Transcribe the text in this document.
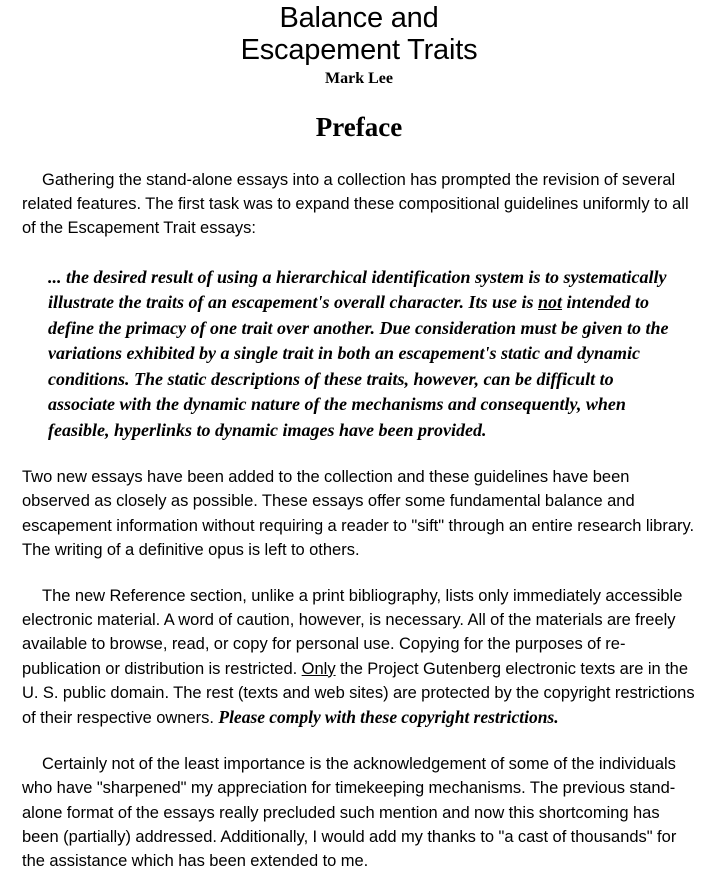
Balance and
Escapement Traits
Mark Lee
Preface

Gathering the stand-alone essays into a collection has prompted the revision of several related features. The first task was to expand these compositional guidelines uniformly to all of the Escapement Trait essays:

... the desired result of using a hierarchical identification system is to systematically illustrate the traits of an escapement's overall character. Its use is not intended to define the primacy of one trait over another. Due consideration must be given to the variations exhibited by a single trait in both an escapement's static and dynamic conditions. The static descriptions of these traits, however, can be difficult to associate with the dynamic nature of the mechanisms and consequently, when feasible, hyperlinks to dynamic images have been provided.

Two new essays have been added to the collection and these guidelines have been observed as closely as possible. These essays offer some fundamental balance and escapement information without requiring a reader to "sift" through an entire research library. The writing of a definitive opus is left to others.

The new Reference section, unlike a print bibliography, lists only immediately accessible electronic material. A word of caution, however, is necessary. All of the materials are freely available to browse, read, or copy for personal use. Copying for the purposes of re-publication or distribution is restricted. Only the Project Gutenberg electronic texts are in the U. S. public domain. The rest (texts and web sites) are protected by the copyright restrictions of their respective owners. Please comply with these copyright restrictions.

Certainly not of the least importance is the acknowledgement of some of the individuals who have "sharpened" my appreciation for timekeeping mechanisms. The previous stand-alone format of the essays really precluded such mention and now this shortcoming has been (partially) addressed. Additionally, I would add my thanks to "a cast of thousands" for the assistance which has been extended to me.
